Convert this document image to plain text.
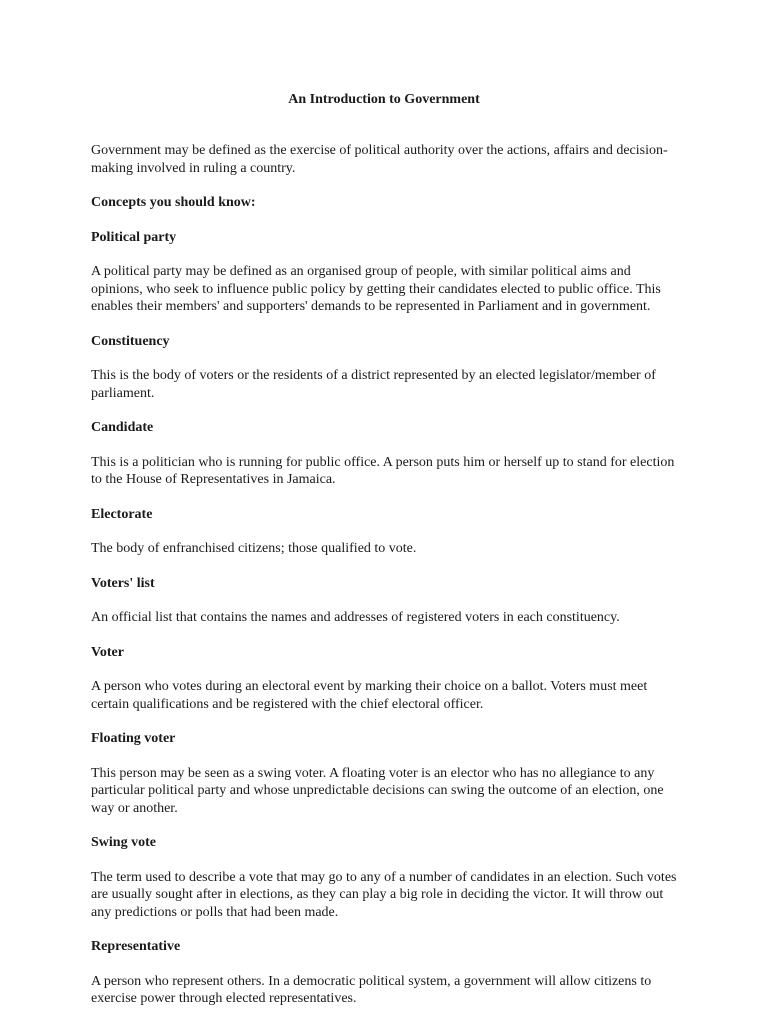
An Introduction to Government

Government may be defined as the exercise of political authority over the actions, affairs and decision- making involved in ruling a country.

Concepts you should know:

Political party

A political party may be defined as an organised group of people, with similar political aims and opinions, who seek to influence public policy by getting their candidates elected to public office. This enables their members' and supporters' demands to be represented in Parliament and in government.

Constituency

This is the body of voters or the residents of a district represented by an elected legislator/member of parliament.

Candidate

This is a politician who is running for public office. A person puts him or herself up to stand for election to the House of Representatives in Jamaica.

Electorate

The body of enfranchised citizens; those qualified to vote.

Voters' list

An official list that contains the names and addresses of registered voters in each constituency.

Voter

A person who votes during an electoral event by marking their choice on a ballot. Voters must meet certain qualifications and be registered with the chief electoral officer.

Floating voter

This person may be seen as a swing voter. A floating voter is an elector who has no allegiance to any particular political party and whose unpredictable decisions can swing the outcome of an election, one way or another.

Swing vote

The term used to describe a vote that may go to any of a number of candidates in an election. Such votes are usually sought after in elections, as they can play a big role in deciding the victor. It will throw out any predictions or polls that had been made.

Representative

A person who represent others. In a democratic political system, a government will allow citizens to exercise power through elected representatives.
